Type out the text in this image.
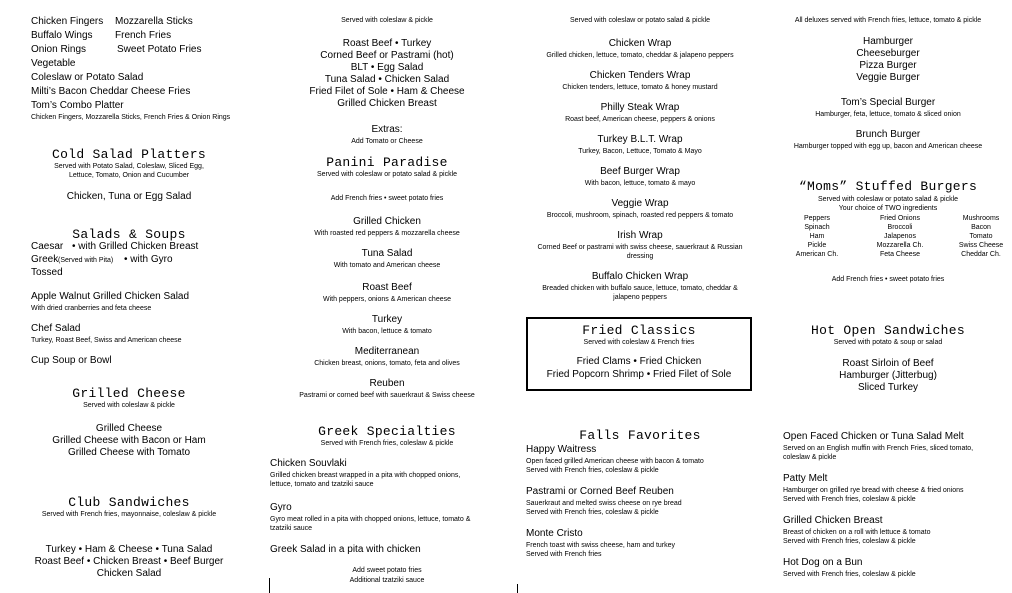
Chicken Fingers Mozzarella Sticks
Buffalo Wings French Fries
Onion Rings	Sweet Potato Fries
Vegetable
Coleslaw or Potato Salad
Milti’s Bacon Cheddar Cheese Fries
Tom’s Combo Platter
Chicken Fingers, Mozzarella Sticks, French Fries & Onion Rings
Cold Salad Platters
Served with Potato Salad, Coleslaw, Sliced Egg,
Lettuce, Tomato, Onion and Cucumber
Chicken, Tuna or Egg Salad
Salads & Soups
Caesar • with Grilled Chicken Breast
Greek (Served with Pita) • with Gyro
Tossed
Apple Walnut Grilled Chicken Salad
With dried cranberries and feta cheese
Chef Salad
Turkey, Roast Beef, Swiss and American cheese
Cup Soup or Bowl
Grilled Cheese
Served with coleslaw & pickle
Grilled Cheese
Grilled Cheese with Bacon or Ham
Grilled Cheese with Tomato
Club Sandwiches
Served with French fries, mayonnaise, coleslaw & pickle
Turkey • Ham & Cheese • Tuna Salad
Roast Beef • Chicken Breast • Beef Burger
Chicken Salad
Served with coleslaw & pickle
Roast Beef • Turkey
Corned Beef or Pastrami (hot)
BLT • Egg Salad
Tuna Salad • Chicken Salad
Fried Filet of Sole • Ham & Cheese
Grilled Chicken Breast
Extras:
Add Tomato or Cheese
Panini Paradise
Served with coleslaw or potato salad & pickle
Add French fries • sweet potato fries
Grilled Chicken
With roasted red peppers & mozzarella cheese
Tuna Salad
With tomato and American cheese
Roast Beef
With peppers, onions & American cheese
Turkey
With bacon, lettuce & tomato
Mediterranean
Chicken breast, onions, tomato, feta and olives
Reuben
Pastrami or corned beef with sauerkraut & Swiss cheese
Greek Specialties
Served with French fries, coleslaw & pickle
Chicken Souvlaki
Grilled chicken breast wrapped in a pita with chopped onions,
lettuce, tomato and tzatziki sauce
Gyro
Gyro meat rolled in a pita with chopped onions, lettuce, tomato &
tzatziki sauce
Greek Salad in a pita with chicken
Add sweet potato fries
Additional tzatziki sauce
Served with coleslaw or potato salad & pickle
Chicken Wrap
Grilled chicken, lettuce, tomato, cheddar & jalapeno peppers
Chicken Tenders Wrap
Chicken tenders, lettuce, tomato & honey mustard
Philly Steak Wrap
Roast beef, American cheese, peppers & onions
Turkey B.L.T. Wrap
Turkey, Bacon, Lettuce, Tomato & Mayo
Beef Burger Wrap
With bacon, lettuce, tomato & mayo
Veggie Wrap
Broccoli, mushroom, spinach, roasted red peppers & tomato
Irish Wrap
Corned Beef or pastrami with swiss cheese, sauerkraut & Russian
dressing
Buffalo Chicken Wrap
Breaded chicken with buffalo sauce, lettuce, tomato, cheddar &
jalapeno peppers
Fried Classics
Served with coleslaw & French fries
Fried Clams • Fried Chicken
Fried Popcorn Shrimp • Fried Filet of Sole
Falls Favorites
Happy Waitress
Open faced grilled American cheese with bacon & tomato
Served with French fries, coleslaw & pickle
Pastrami or Corned Beef Reuben
Sauerkraut and melted swiss cheese on rye bread
Served with French fries, coleslaw & pickle
Monte Cristo
French toast with swiss cheese, ham and turkey
Served with French fries
All deluxes served with French fries, lettuce, tomato & pickle
Hamburger
Cheeseburger
Pizza Burger
Veggie Burger
Tom’s Special Burger
Hamburger, feta, lettuce, tomato & sliced onion
Brunch Burger
Hamburger topped with egg up, bacon and American cheese
“Moms” Stuffed Burgers
Served with coleslaw or potato salad & pickle
Your choice of TWO ingredients
Peppers
Spinach
Ham
Pickle
American Ch.
Fried Onions
Broccoli
Jalapenos
Mozzarella Ch.
Feta Cheese
Mushrooms
Bacon
Tomato
Swiss Cheese
Cheddar Ch.
Add French fries • sweet potato fries
Hot Open Sandwiches
Served with potato & soup or salad
Roast Sirloin of Beef
Hamburger (Jitterbug)
Sliced Turkey
Open Faced Chicken or Tuna Salad Melt
Served on an English muffin with French Fries, sliced tomato,
coleslaw & pickle
Patty Melt
Hamburger on grilled rye bread with cheese & fried onions
Served with French fries, coleslaw & pickle
Grilled Chicken Breast
Breast of chicken on a roll with lettuce & tomato
Served with French fries, coleslaw & pickle
Hot Dog on a Bun
Served with French fries, coleslaw & pickle
